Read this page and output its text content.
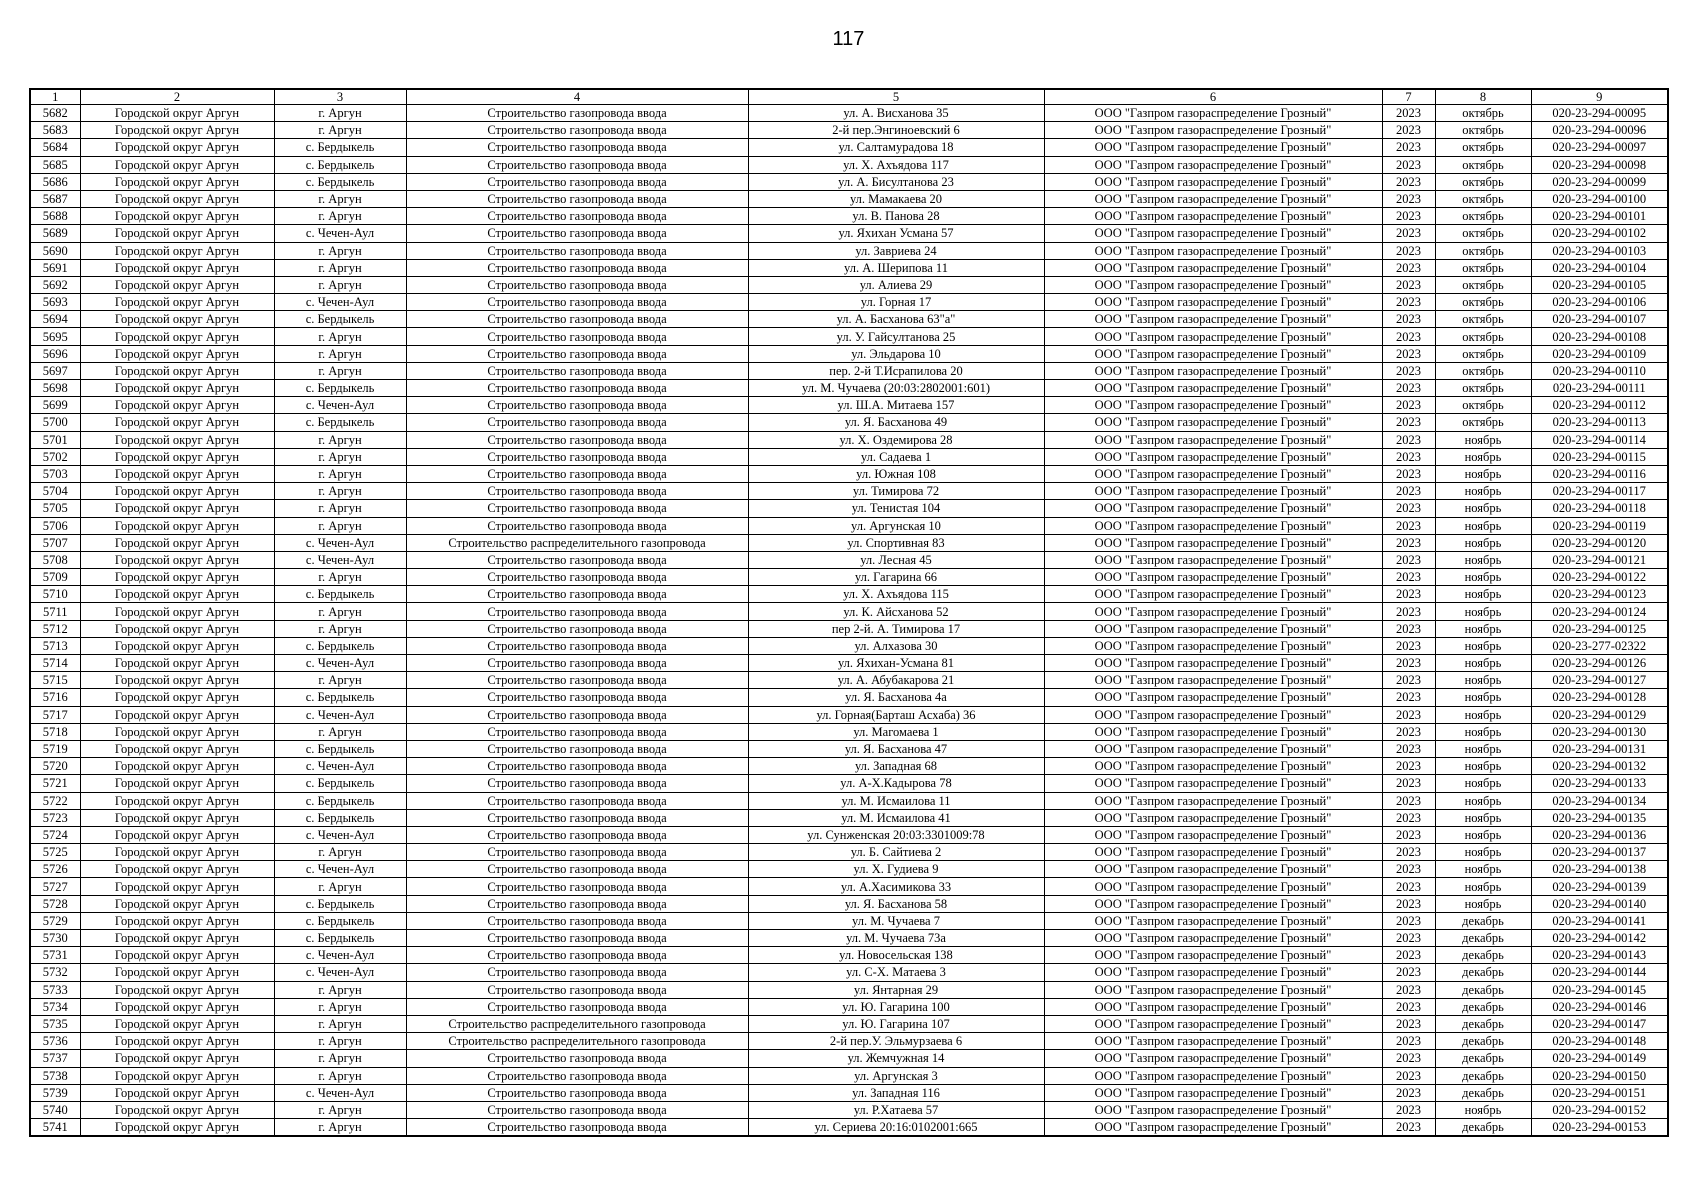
117
1	2	3	4	5	6	7	8	9
5682	Городской округ Аргун	г. Аргун	Строительство газопровода ввода	ул. А. Висханова 35	ООО "Газпром газораспределение Грозный"	2023	октябрь	020-23-294-00095
5683	Городской округ Аргун	г. Аргун	Строительство газопровода ввода	2-й пер.Энгиноевский 6	ООО "Газпром газораспределение Грозный"	2023	октябрь	020-23-294-00096
5684	Городской округ Аргун	с. Бердыкель	Строительство газопровода ввода	ул. Салтамурадова 18	ООО "Газпром газораспределение Грозный"	2023	октябрь	020-23-294-00097
5685	Городской округ Аргун	с. Бердыкель	Строительство газопровода ввода	ул. Х. Ахъядова 117	ООО "Газпром газораспределение Грозный"	2023	октябрь	020-23-294-00098
5686	Городской округ Аргун	с. Бердыкель	Строительство газопровода ввода	ул. А. Бисултанова 23	ООО "Газпром газораспределение Грозный"	2023	октябрь	020-23-294-00099
5687	Городской округ Аргун	г. Аргун	Строительство газопровода ввода	ул. Мамакаева 20	ООО "Газпром газораспределение Грозный"	2023	октябрь	020-23-294-00100
5688	Городской округ Аргун	г. Аргун	Строительство газопровода ввода	ул. В. Панова 28	ООО "Газпром газораспределение Грозный"	2023	октябрь	020-23-294-00101
5689	Городской округ Аргун	с. Чечен-Аул	Строительство газопровода ввода	ул. Яхихан Усмана 57	ООО "Газпром газораспределение Грозный"	2023	октябрь	020-23-294-00102
5690	Городской округ Аргун	г. Аргун	Строительство газопровода ввода	ул. Завриева 24	ООО "Газпром газораспределение Грозный"	2023	октябрь	020-23-294-00103
5691	Городской округ Аргун	г. Аргун	Строительство газопровода ввода	ул. А. Шерипова 11	ООО "Газпром газораспределение Грозный"	2023	октябрь	020-23-294-00104
5692	Городской округ Аргун	г. Аргун	Строительство газопровода ввода	ул. Алиева 29	ООО "Газпром газораспределение Грозный"	2023	октябрь	020-23-294-00105
5693	Городской округ Аргун	с. Чечен-Аул	Строительство газопровода ввода	ул. Горная 17	ООО "Газпром газораспределение Грозный"	2023	октябрь	020-23-294-00106
5694	Городской округ Аргун	с. Бердыкель	Строительство газопровода ввода	ул. А. Басханова 63"а"	ООО "Газпром газораспределение Грозный"	2023	октябрь	020-23-294-00107
5695	Городской округ Аргун	г. Аргун	Строительство газопровода ввода	ул. У. Гайсултанова 25	ООО "Газпром газораспределение Грозный"	2023	октябрь	020-23-294-00108
5696	Городской округ Аргун	г. Аргун	Строительство газопровода ввода	ул. Эльдарова 10	ООО "Газпром газораспределение Грозный"	2023	октябрь	020-23-294-00109
5697	Городской округ Аргун	г. Аргун	Строительство газопровода ввода	пер. 2-й Т.Исрапилова 20	ООО "Газпром газораспределение Грозный"	2023	октябрь	020-23-294-00110
5698	Городской округ Аргун	с. Бердыкель	Строительство газопровода ввода	ул. М. Чучаева (20:03:2802001:601)	ООО "Газпром газораспределение Грозный"	2023	октябрь	020-23-294-00111
5699	Городской округ Аргун	с. Чечен-Аул	Строительство газопровода ввода	ул. Ш.А. Митаева 157	ООО "Газпром газораспределение Грозный"	2023	октябрь	020-23-294-00112
5700	Городской округ Аргун	с. Бердыкель	Строительство газопровода ввода	ул. Я. Басханова 49	ООО "Газпром газораспределение Грозный"	2023	октябрь	020-23-294-00113
5701	Городской округ Аргун	г. Аргун	Строительство газопровода ввода	ул. Х. Оздемирова 28	ООО "Газпром газораспределение Грозный"	2023	ноябрь	020-23-294-00114
5702	Городской округ Аргун	г. Аргун	Строительство газопровода ввода	ул. Садаева 1	ООО "Газпром газораспределение Грозный"	2023	ноябрь	020-23-294-00115
5703	Городской округ Аргун	г. Аргун	Строительство газопровода ввода	ул. Южная 108	ООО "Газпром газораспределение Грозный"	2023	ноябрь	020-23-294-00116
5704	Городской округ Аргун	г. Аргун	Строительство газопровода ввода	ул. Тимирова 72	ООО "Газпром газораспределение Грозный"	2023	ноябрь	020-23-294-00117
5705	Городской округ Аргун	г. Аргун	Строительство газопровода ввода	ул. Тенистая 104	ООО "Газпром газораспределение Грозный"	2023	ноябрь	020-23-294-00118
5706	Городской округ Аргун	г. Аргун	Строительство газопровода ввода	ул. Аргунская 10	ООО "Газпром газораспределение Грозный"	2023	ноябрь	020-23-294-00119
5707	Городской округ Аргун	с. Чечен-Аул	Строительство распределительного газопровода	ул. Спортивная 83	ООО "Газпром газораспределение Грозный"	2023	ноябрь	020-23-294-00120
5708	Городской округ Аргун	с. Чечен-Аул	Строительство газопровода ввода	ул. Лесная 45	ООО "Газпром газораспределение Грозный"	2023	ноябрь	020-23-294-00121
5709	Городской округ Аргун	г. Аргун	Строительство газопровода ввода	ул. Гагарина 66	ООО "Газпром газораспределение Грозный"	2023	ноябрь	020-23-294-00122
5710	Городской округ Аргун	с. Бердыкель	Строительство газопровода ввода	ул. Х. Ахъядова 115	ООО "Газпром газораспределение Грозный"	2023	ноябрь	020-23-294-00123
5711	Городской округ Аргун	г. Аргун	Строительство газопровода ввода	ул. К. Айсханова 52	ООО "Газпром газораспределение Грозный"	2023	ноябрь	020-23-294-00124
5712	Городской округ Аргун	г. Аргун	Строительство газопровода ввода	пер 2-й. А. Тимирова 17	ООО "Газпром газораспределение Грозный"	2023	ноябрь	020-23-294-00125
5713	Городской округ Аргун	с. Бердыкель	Строительство газопровода ввода	ул. Алхазова 30	ООО "Газпром газораспределение Грозный"	2023	ноябрь	020-23-277-02322
5714	Городской округ Аргун	с. Чечен-Аул	Строительство газопровода ввода	ул. Яхихан-Усмана 81	ООО "Газпром газораспределение Грозный"	2023	ноябрь	020-23-294-00126
5715	Городской округ Аргун	г. Аргун	Строительство газопровода ввода	ул. А. Абубакарова 21	ООО "Газпром газораспределение Грозный"	2023	ноябрь	020-23-294-00127
5716	Городской округ Аргун	с. Бердыкель	Строительство газопровода ввода	ул. Я. Басханова 4а	ООО "Газпром газораспределение Грозный"	2023	ноябрь	020-23-294-00128
5717	Городской округ Аргун	с. Чечен-Аул	Строительство газопровода ввода	ул. Горная(Барташ Асхаба) 36	ООО "Газпром газораспределение Грозный"	2023	ноябрь	020-23-294-00129
5718	Городской округ Аргун	г. Аргун	Строительство газопровода ввода	ул. Магомаева 1	ООО "Газпром газораспределение Грозный"	2023	ноябрь	020-23-294-00130
5719	Городской округ Аргун	с. Бердыкель	Строительство газопровода ввода	ул. Я. Басханова 47	ООО "Газпром газораспределение Грозный"	2023	ноябрь	020-23-294-00131
5720	Городской округ Аргун	с. Чечен-Аул	Строительство газопровода ввода	ул. Западная 68	ООО "Газпром газораспределение Грозный"	2023	ноябрь	020-23-294-00132
5721	Городской округ Аргун	с. Бердыкель	Строительство газопровода ввода	ул. А-Х.Кадырова 78	ООО "Газпром газораспределение Грозный"	2023	ноябрь	020-23-294-00133
5722	Городской округ Аргун	с. Бердыкель	Строительство газопровода ввода	ул. М. Исмаилова 11	ООО "Газпром газораспределение Грозный"	2023	ноябрь	020-23-294-00134
5723	Городской округ Аргун	с. Бердыкель	Строительство газопровода ввода	ул. М. Исмаилова 41	ООО "Газпром газораспределение Грозный"	2023	ноябрь	020-23-294-00135
5724	Городской округ Аргун	с. Чечен-Аул	Строительство газопровода ввода	ул. Сунженская 20:03:3301009:78	ООО "Газпром газораспределение Грозный"	2023	ноябрь	020-23-294-00136
5725	Городской округ Аргун	г. Аргун	Строительство газопровода ввода	ул. Б. Сайтиева 2	ООО "Газпром газораспределение Грозный"	2023	ноябрь	020-23-294-00137
5726	Городской округ Аргун	с. Чечен-Аул	Строительство газопровода ввода	ул. Х. Гудиева 9	ООО "Газпром газораспределение Грозный"	2023	ноябрь	020-23-294-00138
5727	Городской округ Аргун	г. Аргун	Строительство газопровода ввода	ул. А.Хасимикова 33	ООО "Газпром газораспределение Грозный"	2023	ноябрь	020-23-294-00139
5728	Городской округ Аргун	с. Бердыкель	Строительство газопровода ввода	ул. Я. Басханова 58	ООО "Газпром газораспределение Грозный"	2023	ноябрь	020-23-294-00140
5729	Городской округ Аргун	с. Бердыкель	Строительство газопровода ввода	ул. М. Чучаева 7	ООО "Газпром газораспределение Грозный"	2023	декабрь	020-23-294-00141
5730	Городской округ Аргун	с. Бердыкель	Строительство газопровода ввода	ул. М. Чучаева 73а	ООО "Газпром газораспределение Грозный"	2023	декабрь	020-23-294-00142
5731	Городской округ Аргун	с. Чечен-Аул	Строительство газопровода ввода	ул. Новосельская 138	ООО "Газпром газораспределение Грозный"	2023	декабрь	020-23-294-00143
5732	Городской округ Аргун	с. Чечен-Аул	Строительство газопровода ввода	ул. С-Х. Матаева 3	ООО "Газпром газораспределение Грозный"	2023	декабрь	020-23-294-00144
5733	Городской округ Аргун	г. Аргун	Строительство газопровода ввода	ул. Янтарная 29	ООО "Газпром газораспределение Грозный"	2023	декабрь	020-23-294-00145
5734	Городской округ Аргун	г. Аргун	Строительство газопровода ввода	ул. Ю. Гагарина 100	ООО "Газпром газораспределение Грозный"	2023	декабрь	020-23-294-00146
5735	Городской округ Аргун	г. Аргун	Строительство распределительного газопровода	ул. Ю. Гагарина 107	ООО "Газпром газораспределение Грозный"	2023	декабрь	020-23-294-00147
5736	Городской округ Аргун	г. Аргун	Строительство распределительного газопровода	2-й пер.У. Эльмурзаева 6	ООО "Газпром газораспределение Грозный"	2023	декабрь	020-23-294-00148
5737	Городской округ Аргун	г. Аргун	Строительство газопровода ввода	ул. Жемчужная 14	ООО "Газпром газораспределение Грозный"	2023	декабрь	020-23-294-00149
5738	Городской округ Аргун	г. Аргун	Строительство газопровода ввода	ул. Аргунская 3	ООО "Газпром газораспределение Грозный"	2023	декабрь	020-23-294-00150
5739	Городской округ Аргун	с. Чечен-Аул	Строительство газопровода ввода	ул. Западная 116	ООО "Газпром газораспределение Грозный"	2023	декабрь	020-23-294-00151
5740	Городской округ Аргун	г. Аргун	Строительство газопровода ввода	ул. Р.Хатаева 57	ООО "Газпром газораспределение Грозный"	2023	ноябрь	020-23-294-00152
5741	Городской округ Аргун	г. Аргун	Строительство газопровода ввода	ул. Сериева 20:16:0102001:665	ООО "Газпром газораспределение Грозный"	2023	декабрь	020-23-294-00153
